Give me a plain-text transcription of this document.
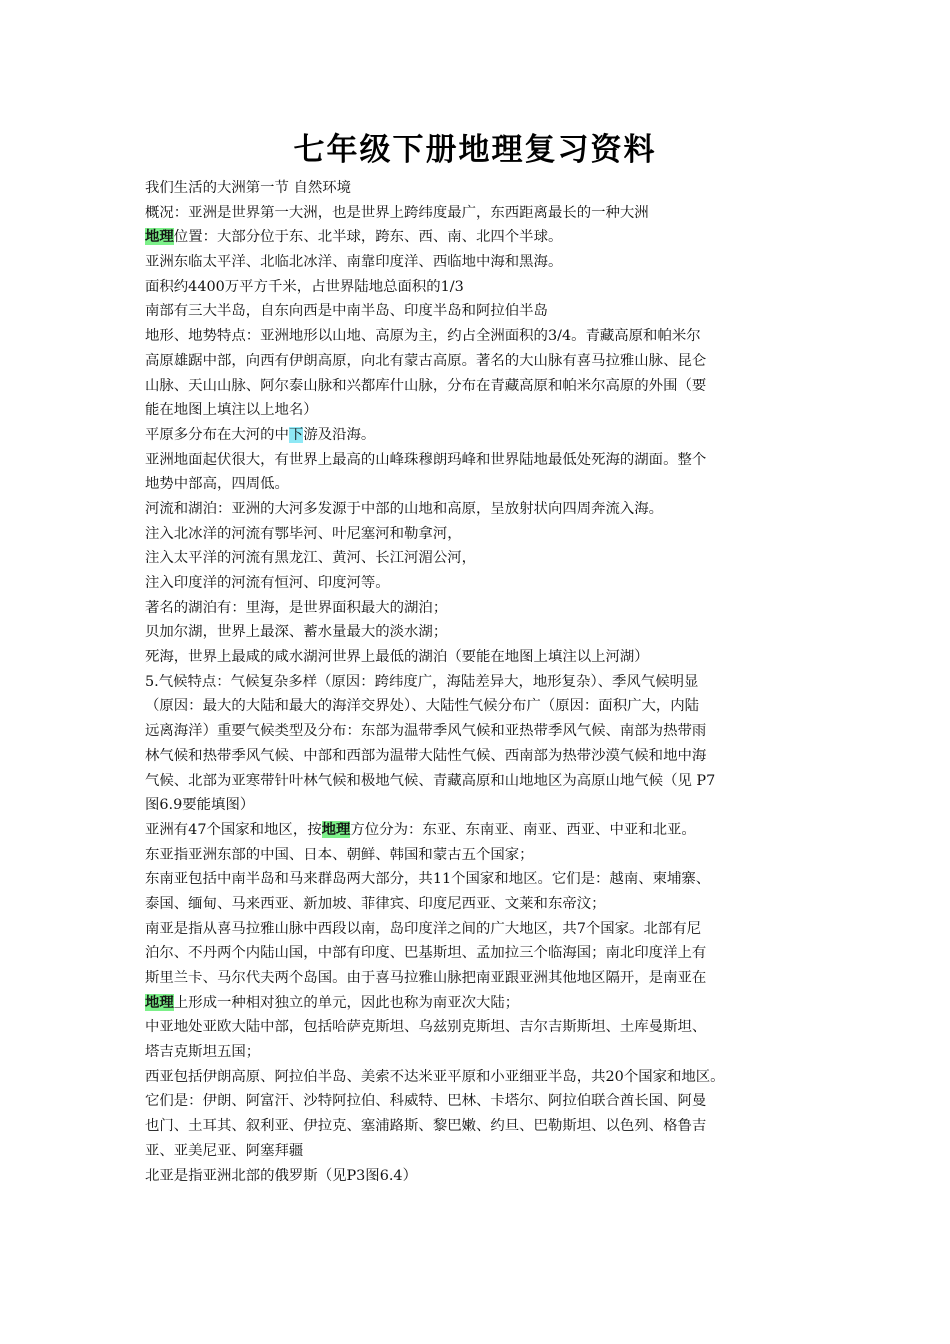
七年级下册地理复习资料
我们生活的大洲第一节 自然环境
概况：亚洲是世界第一大洲，也是世界上跨纬度最广，东西距离最长的一种大洲
地理位置：大部分位于东、北半球，跨东、西、南、北四个半球。
亚洲东临太平洋、北临北冰洋、南靠印度洋、西临地中海和黑海。
面积约4400万平方千米，占世界陆地总面积的1/3
南部有三大半岛，自东向西是中南半岛、印度半岛和阿拉伯半岛
地形、地势特点：亚洲地形以山地、高原为主，约占全洲面积的3/4。青藏高原和帕米尔
高原雄踞中部，向西有伊朗高原，向北有蒙古高原。著名的大山脉有喜马拉雅山脉、昆仑
山脉、天山山脉、阿尔泰山脉和兴都库什山脉，分布在青藏高原和帕米尔高原的外围（要
能在地图上填注以上地名）
平原多分布在大河的中下游及沿海。
亚洲地面起伏很大，有世界上最高的山峰珠穆朗玛峰和世界陆地最低处死海的湖面。整个
地势中部高，四周低。
河流和湖泊：亚洲的大河多发源于中部的山地和高原，呈放射状向四周奔流入海。
注入北冰洋的河流有鄂毕河、叶尼塞河和勒拿河，
注入太平洋的河流有黑龙江、黄河、长江河湄公河，
注入印度洋的河流有恒河、印度河等。
著名的湖泊有：里海，是世界面积最大的湖泊；
贝加尔湖，世界上最深、蓄水量最大的淡水湖；
死海，世界上最咸的咸水湖河世界上最低的湖泊（要能在地图上填注以上河湖）
5.气候特点：气候复杂多样（原因：跨纬度广，海陆差异大，地形复杂）、季风气候明显
（原因：最大的大陆和最大的海洋交界处）、大陆性气候分布广（原因：面积广大，内陆
远离海洋）重要气候类型及分布：东部为温带季风气候和亚热带季风气候、南部为热带雨
林气候和热带季风气候、中部和西部为温带大陆性气候、西南部为热带沙漠气候和地中海
气候、北部为亚寒带针叶林气候和极地气候、青藏高原和山地地区为高原山地气候（见 P7
图6.9要能填图）
亚洲有47个国家和地区，按地理方位分为：东亚、东南亚、南亚、西亚、中亚和北亚。
东亚指亚洲东部的中国、日本、朝鲜、韩国和蒙古五个国家；
东南亚包括中南半岛和马来群岛两大部分，共11个国家和地区。它们是：越南、柬埔寨、
泰国、缅甸、马来西亚、新加坡、菲律宾、印度尼西亚、文莱和东帝汶；
南亚是指从喜马拉雅山脉中西段以南，岛印度洋之间的广大地区，共7个国家。北部有尼
泊尔、不丹两个内陆山国，中部有印度、巴基斯坦、孟加拉三个临海国；南北印度洋上有
斯里兰卡、马尔代夫两个岛国。由于喜马拉雅山脉把南亚跟亚洲其他地区隔开，是南亚在
地理上形成一种相对独立的单元，因此也称为南亚次大陆；
中亚地处亚欧大陆中部，包括哈萨克斯坦、乌兹别克斯坦、吉尔吉斯斯坦、土库曼斯坦、
塔吉克斯坦五国；
西亚包括伊朗高原、阿拉伯半岛、美索不达米亚平原和小亚细亚半岛，共20个国家和地区。
它们是：伊朗、阿富汗、沙特阿拉伯、科威特、巴林、卡塔尔、阿拉伯联合酋长国、阿曼
也门、土耳其、叙利亚、伊拉克、塞浦路斯、黎巴嫩、约旦、巴勒斯坦、以色列、格鲁吉
亚、亚美尼亚、阿塞拜疆
北亚是指亚洲北部的俄罗斯（见P3图6.4）
